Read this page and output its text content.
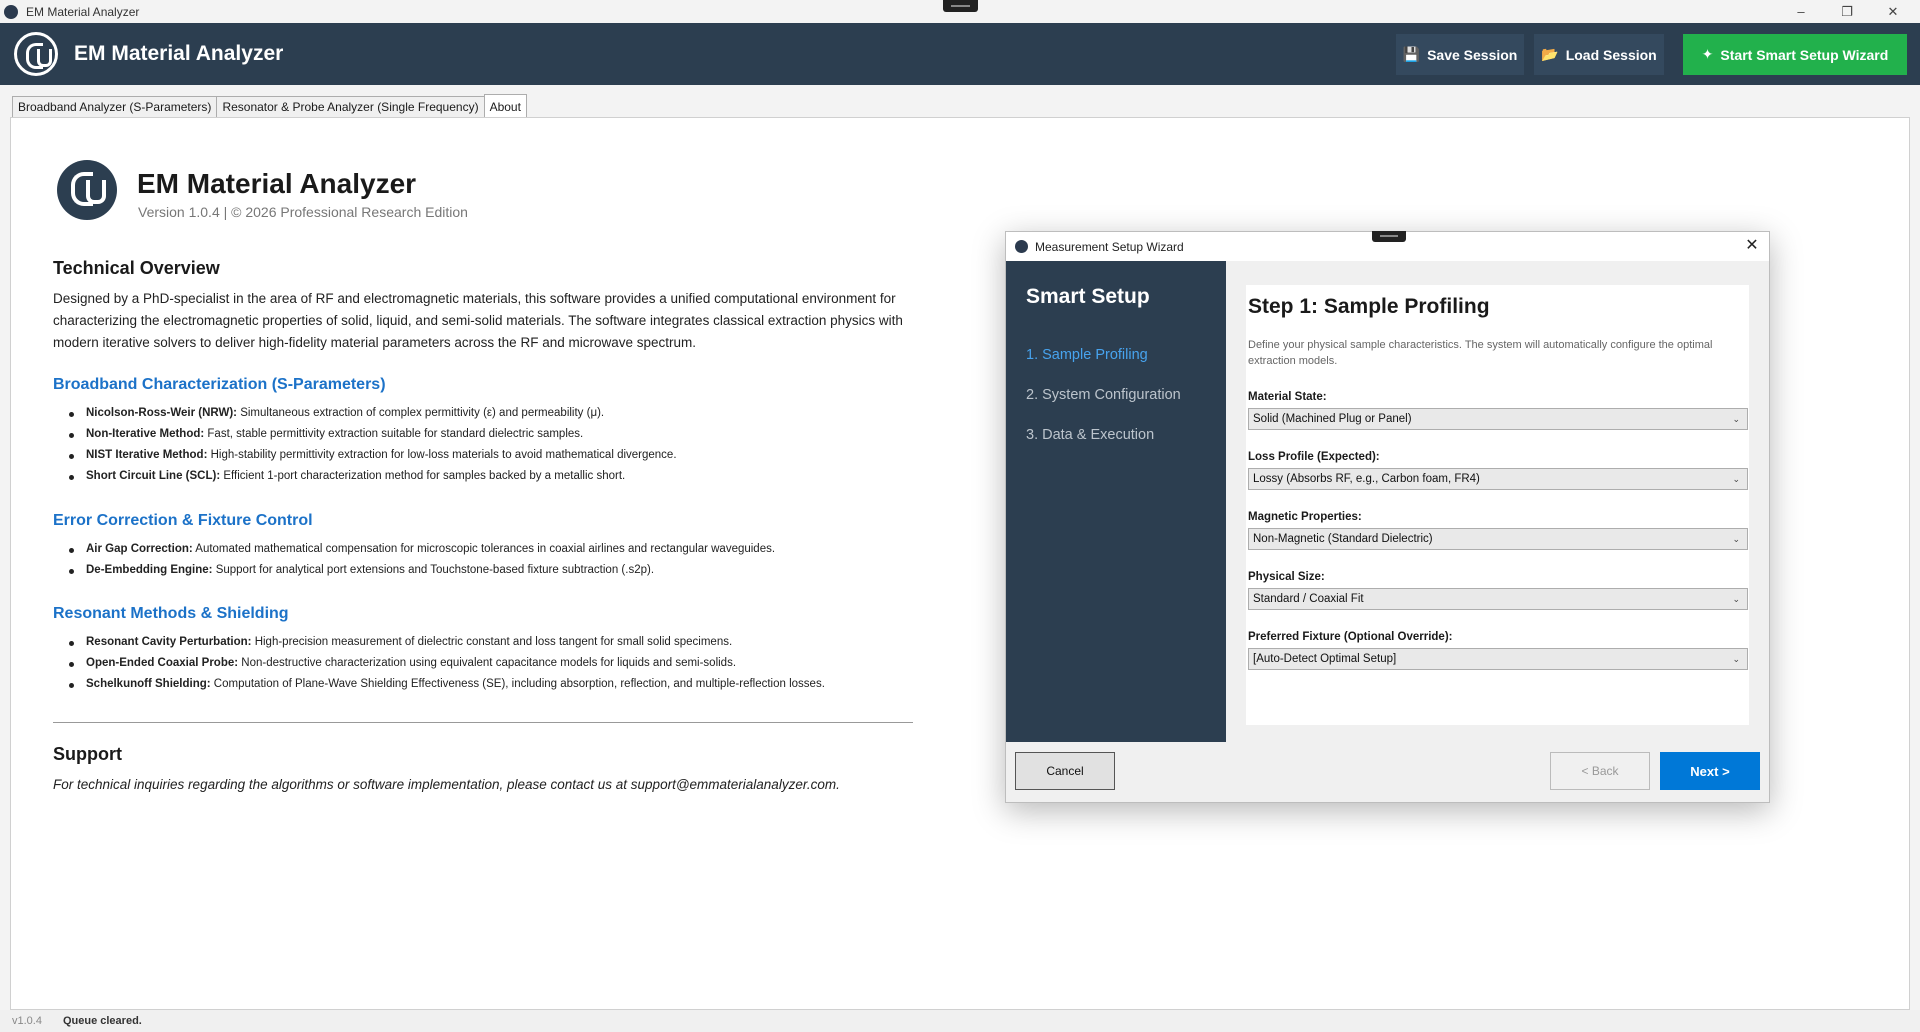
EM Material Analyzer	–	❐	✕
EM Material Analyzer	💾 Save Session 📂 Load Session	✦ Start Smart Setup Wizard
Broadband Analyzer (S-Parameters) Resonator & Probe Analyzer (Single Frequency) About
EM Material Analyzer
Version 1.0.4 | © 2026 Professional Research Edition
Technical Overview
Designed by a PhD-specialist in the area of RF and electromagnetic materials, this software provides a unified computational environment for characterizing the electromagnetic properties of solid, liquid, and semi-solid materials. The software integrates classical extraction physics with modern iterative solvers to deliver high-fidelity material parameters across the RF and microwave spectrum.
Broadband Characterization (S-Parameters)
Nicolson-Ross-Weir (NRW): Simultaneous extraction of complex permittivity (ε) and permeability (μ).
Non-Iterative Method: Fast, stable permittivity extraction suitable for standard dielectric samples.
NIST Iterative Method: High-stability permittivity extraction for low-loss materials to avoid mathematical divergence.
Short Circuit Line (SCL): Efficient 1-port characterization method for samples backed by a metallic short.
Error Correction & Fixture Control
Air Gap Correction: Automated mathematical compensation for microscopic tolerances in coaxial airlines and rectangular waveguides.
De-Embedding Engine: Support for analytical port extensions and Touchstone-based fixture subtraction (.s2p).
Resonant Methods & Shielding
Resonant Cavity Perturbation: High-precision measurement of dielectric constant and loss tangent for small solid specimens.
Open-Ended Coaxial Probe: Non-destructive characterization using equivalent capacitance models for liquids and semi-solids.
Schelkunoff Shielding: Computation of Plane-Wave Shielding Effectiveness (SE), including absorption, reflection, and multiple-reflection losses.
Support
For technical inquiries regarding the algorithms or software implementation, please contact us at support@emmaterialanalyzer.com.
v1.0.4 Queue cleared.
Measurement Setup Wizard	✕
Smart Setup
1. Sample Profiling
2. System Configuration
3. Data & Execution
Step 1: Sample Profiling
Define your physical sample characteristics. The system will automatically configure the optimal extraction models.
Material State:
Solid (Machined Plug or Panel)	⌄
Loss Profile (Expected):
Lossy (Absorbs RF, e.g., Carbon foam, FR4)	⌄
Magnetic Properties:
Non-Magnetic (Standard Dielectric)	⌄
Physical Size:
Standard / Coaxial Fit	⌄
Preferred Fixture (Optional Override):
[Auto-Detect Optimal Setup]	⌄
Cancel	< Back	Next >
